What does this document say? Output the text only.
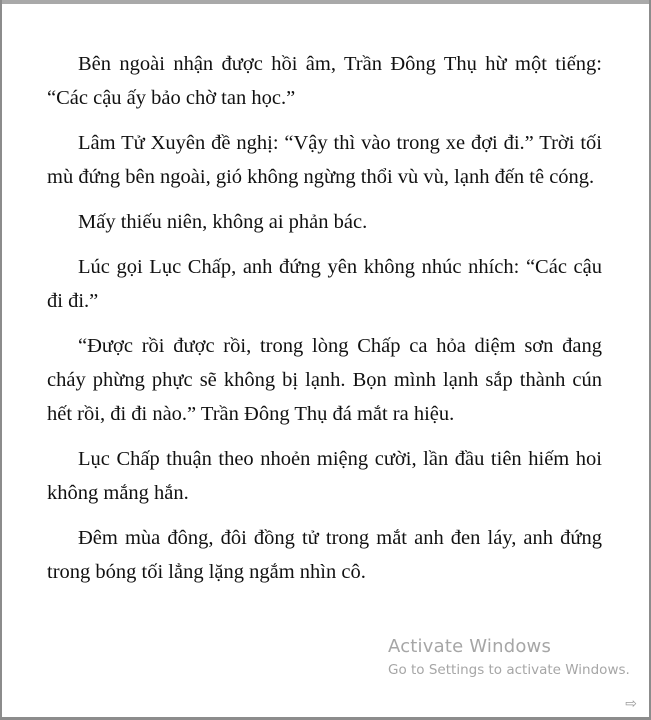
Bên ngoài nhận được hồi âm, Trần Đông Thụ hừ một tiếng: “Các cậu ấy bảo chờ tan học.”

Lâm Tử Xuyên đề nghị: “Vậy thì vào trong xe đợi đi.” Trời tối mù đứng bên ngoài, gió không ngừng thổi vù vù, lạnh đến tê cóng.

Mấy thiếu niên, không ai phản bác.

Lúc gọi Lục Chấp, anh đứng yên không nhúc nhích: “Các cậu đi đi.”

“Được rồi được rồi, trong lòng Chấp ca hỏa diệm sơn đang cháy phừng phực sẽ không bị lạnh. Bọn mình lạnh sắp thành cún hết rồi, đi đi nào.” Trần Đông Thụ đá mắt ra hiệu.

Lục Chấp thuận theo nhoẻn miệng cười, lần đầu tiên hiếm hoi không mắng hắn.

Đêm mùa đông, đôi đồng tử trong mắt anh đen láy, anh đứng trong bóng tối lẳng lặng ngắm nhìn cô.

Activate Windows
Go to Settings to activate Windows.
⇨
